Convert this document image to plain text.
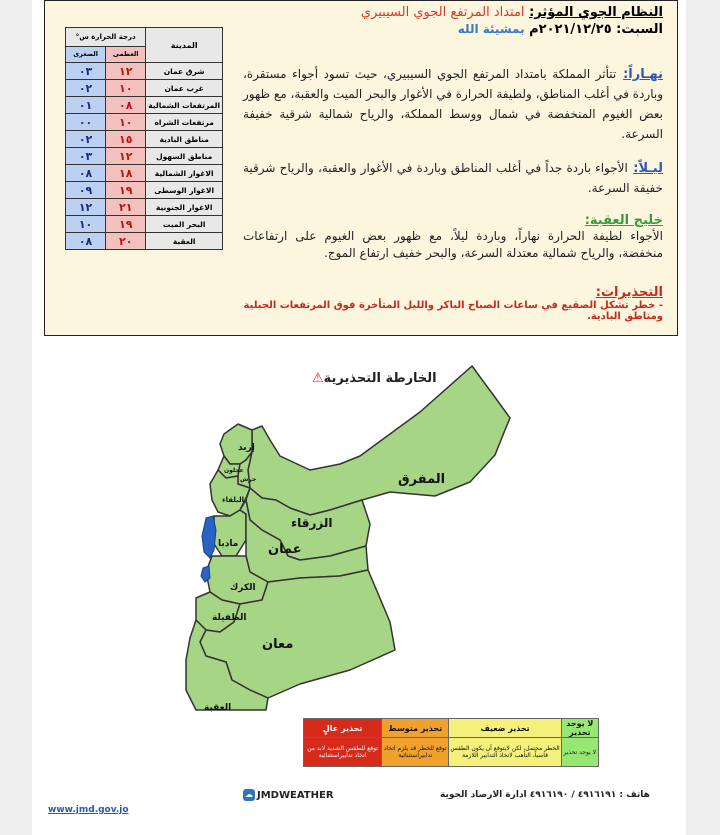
المدينة	درجة الحرارة س°	
	العظمى	الصغرى
شرق عمان	١٢	٠٣
غرب عمان	١٠	٠٢
المرتفعات الشمالية	٠٨	٠١
مرتفعات الشراه	١٠	٠٠
مناطق البادية	١٥	٠٢
مناطق السهول	١٢	٠٣
الاغوار الشمالية	١٨	٠٨
الاغوار الوسطى	١٩	٠٩
الاغوار الجنوبية	٢١	١٢
البحر الميت	١٩	١٠
العقبة	٢٠	٠٨
النظام الجوي المؤثر: امتداد المرتفع الجوي السيبيري
السبت: ٢٠٢١/١٢/٢٥م بمشيئة الله
نهـاراً: تتأثر المملكة بامتداد المرتفع الجوي السيبيري، حيث تسود أجواء مستقرة، وباردة في أغلب المناطق، ولطيفة الحرارة في الأغوار والبحر الميت والعقبة، مع ظهور بعض الغيوم المنخفضة في شمال ووسط المملكة، والرياح شمالية شرقية خفيفة السرعة.
ليـلاً: الأجواء باردة جداً في أغلب المناطق وباردة في الأغوار والعقبة، والرياح شرقية خفيفة السرعة.
خليج العقبة:
الأجواء لطيفة الحرارة نهاراً، وباردة ليلاً، مع ظهور بعض الغيوم على ارتفاعات منخفضة، والرياح شمالية معتدلة السرعة، والبحر خفيف ارتفاع الموج.
التحذيرات:
- خطر تشكل الصقيع في ساعات الصباح الباكر والليل المتأخرة فوق المرتفعات الجبلية ومناطق البادية.
الخارطة التحذيرية⚠
إربد
عجلون
جرش
البلقاء
المفرق
الزرقاء
عمان
مادبا
الكرك
الطفيلة
معان
العقبة
لا يوجد تحذير	تحذير ضعيف	تحذير متوسط	تحذير عالٍ
لا يوجد تحذير	الخطر محتمل، لكن لايتوقع أن يكون الطقس قاسياً، التأهب لاتخاذ التدابير اللازمة	توقع للخطر قد يلزم اتخاذ تدابيراستثنائية	توقع للطقس الشديد لابد من اتخاذ تدابيراستثنائية
☁ JMDWEATHER	هاتف : ٤٩١٦١٩١ / ٤٩١٦١٩٠ ادارة الارصاد الجوية
www.jmd.gov.jo
